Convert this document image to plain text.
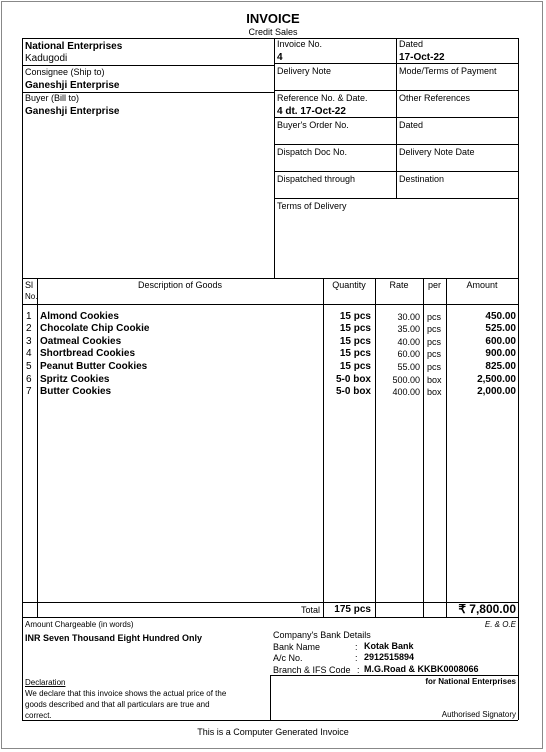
INVOICE
Credit Sales
National Enterprises
Kadugodi
Consignee (Ship to)
Ganeshji Enterprise
Buyer (Bill to)
Ganeshji Enterprise
Invoice No.
4
Dated
17-Oct-22
Delivery Note	Mode/Terms of Payment
Reference No. & Date.
4 dt. 17-Oct-22
Other References
Buyer's Order No.	Dated
Dispatch Doc No.	Delivery Note Date
Dispatched through	Destination
Terms of Delivery
Sl
No.
Description of Goods	Quantity	Rate	per	Amount
1 Almond Cookies	15 pcs	30.00 pcs	450.00
2 Chocolate Chip Cookie	15 pcs	35.00 pcs	525.00
3 Oatmeal Cookies	15 pcs	40.00 pcs	600.00
4 Shortbread Cookies	15 pcs	60.00 pcs	900.00
5 Peanut Butter Cookies	15 pcs	55.00 pcs	825.00
6 Spritz Cookies	5-0 box	500.00 box	2,500.00
7 Butter Cookies	5-0 box	400.00 box	2,000.00
Total	175 pcs	₹ 7,800.00
Amount Chargeable (in words)	E. & O.E
INR Seven Thousand Eight Hundred Only	Company's Bank Details
Bank Name	: Kotak Bank
A/c No.	: 2912515894
Branch & IFS Code : M.G.Road & KKBK0008066
Declaration
We declare that this invoice shows the actual price of the
goods described and that all particulars are true and
correct.
for National Enterprises
Authorised Signatory
This is a Computer Generated Invoice
